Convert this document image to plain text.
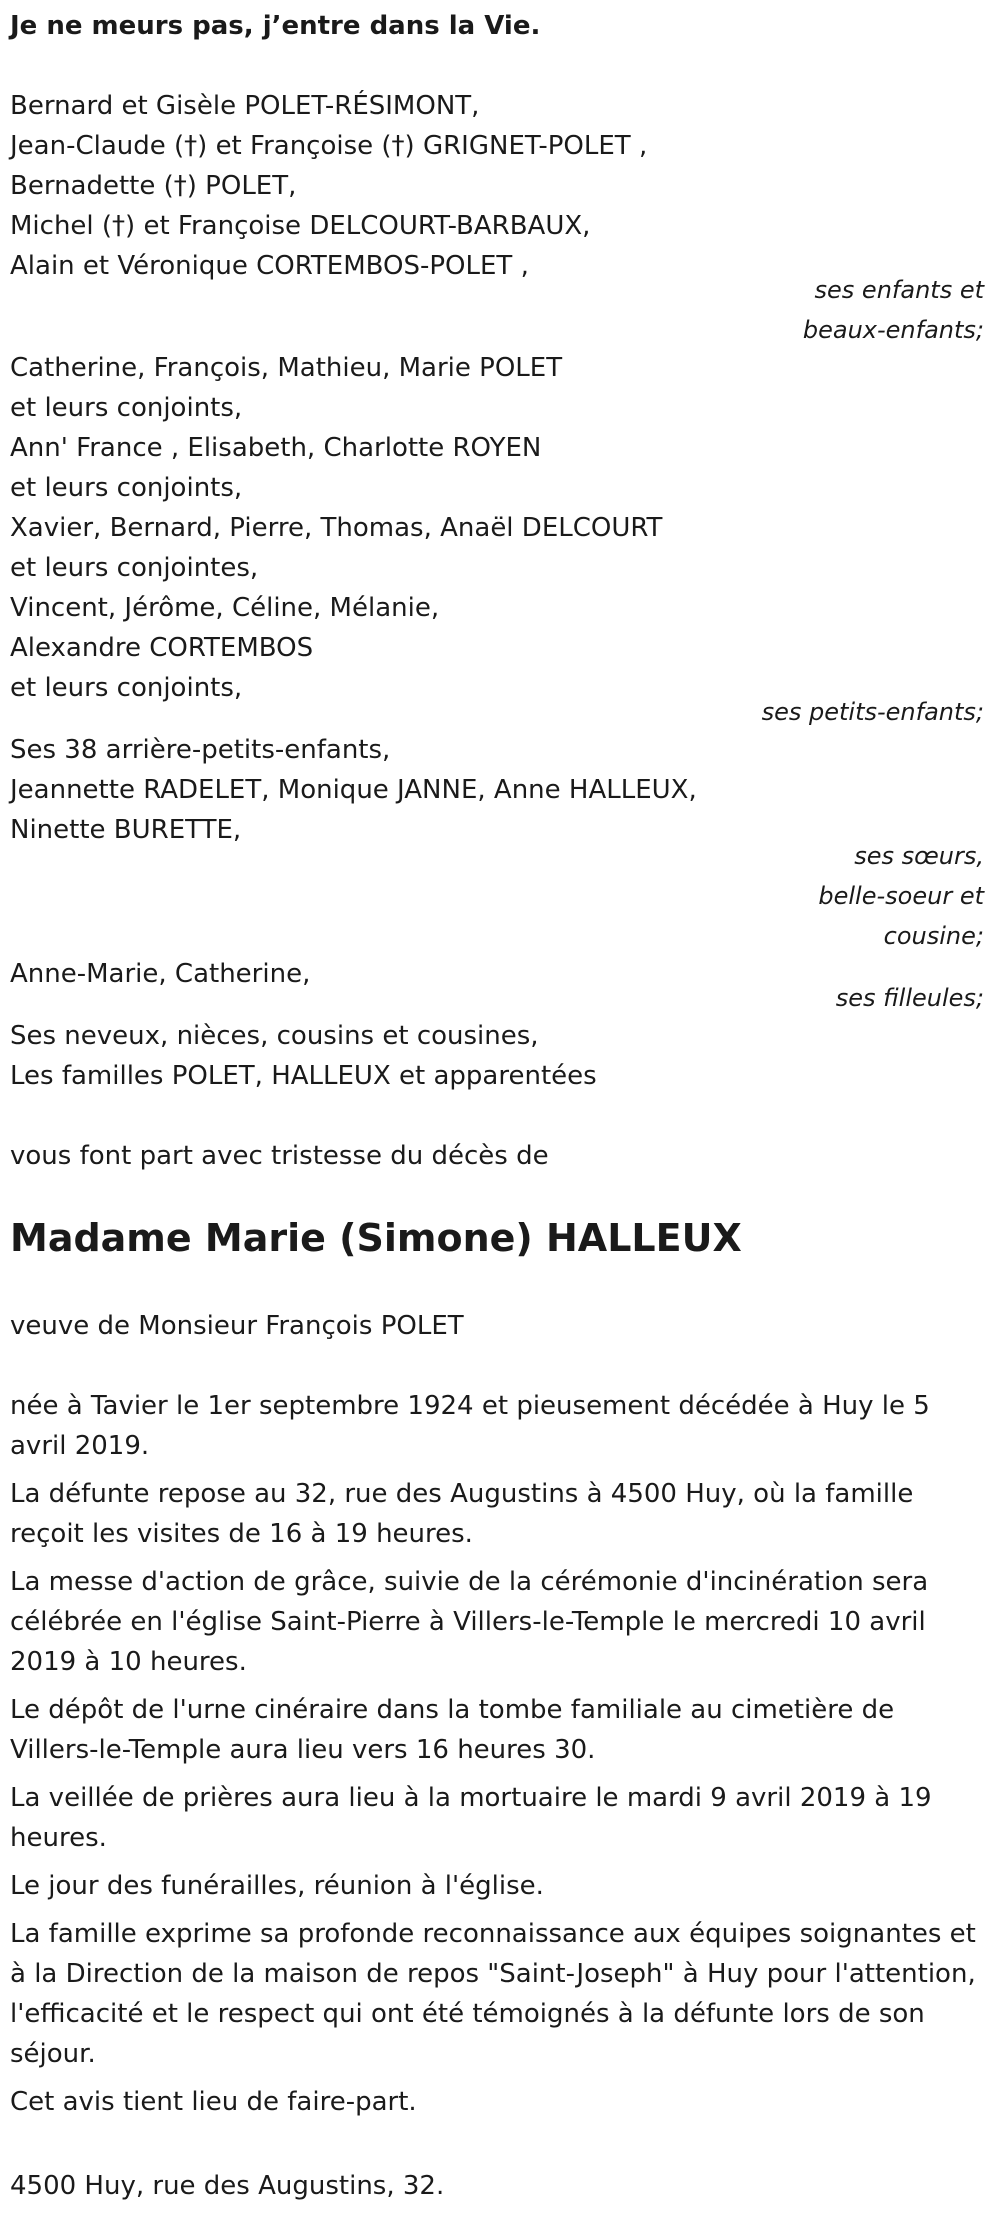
Je ne meurs pas, j’entre dans la Vie.
Bernard et Gisèle POLET-RÉSIMONT,
Jean-Claude (†) et Françoise (†) GRIGNET-POLET ,
Bernadette (†) POLET,
Michel (†) et Françoise DELCOURT-BARBAUX,
Alain et Véronique CORTEMBOS-POLET ,
ses enfants et
beaux-enfants;
Catherine, François, Mathieu, Marie POLET
et leurs conjoints,
Ann' France , Elisabeth, Charlotte ROYEN
et leurs conjoints,
Xavier, Bernard, Pierre, Thomas, Anaël DELCOURT
et leurs conjointes,
Vincent, Jérôme, Céline, Mélanie,
Alexandre CORTEMBOS
et leurs conjoints,
ses petits-enfants;
Ses 38 arrière-petits-enfants,
Jeannette RADELET, Monique JANNE, Anne HALLEUX,
Ninette BURETTE,
ses sœurs,
belle-soeur et
cousine;
Anne-Marie, Catherine,
ses filleules;
Ses neveux, nièces, cousins et cousines,
Les familles POLET, HALLEUX et apparentées
vous font part avec tristesse du décès de
Madame Marie (Simone) HALLEUX
veuve de Monsieur François POLET
née à Tavier le 1er septembre 1924 et pieusement décédée à Huy le 5 avril 2019.
La défunte repose au 32, rue des Augustins à 4500 Huy, où la famille reçoit les visites de 16 à 19 heures.
La messe d'action de grâce, suivie de la cérémonie d'incinération sera célébrée en l'église Saint-Pierre à Villers-le-Temple le mercredi 10 avril 2019 à 10 heures.
Le dépôt de l'urne cinéraire dans la tombe familiale au cimetière de Villers-le-Temple aura lieu vers 16 heures 30.
La veillée de prières aura lieu à la mortuaire le mardi 9 avril 2019 à 19 heures.
Le jour des funérailles, réunion à l'église.
La famille exprime sa profonde reconnaissance aux équipes soignantes et à la Direction de la maison de repos "Saint-Joseph" à Huy pour l'attention, l'efficacité et le respect qui ont été témoignés à la défunte lors de son séjour.
Cet avis tient lieu de faire-part.
4500 Huy, rue des Augustins, 32.
